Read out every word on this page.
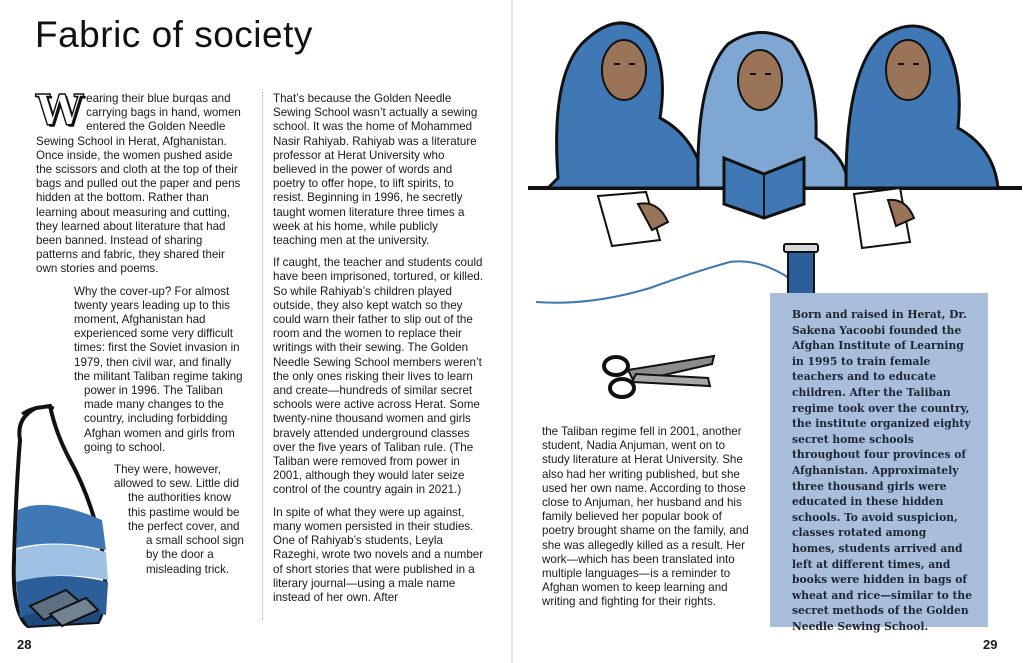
Fabric of society

Wearing their blue burqas and carrying bags in hand, women entered the Golden Needle Sewing School in Herat, Afghanistan. Once inside, the women pushed aside the scissors and cloth at the top of their bags and pulled out the paper and pens hidden at the bottom. Rather than learning about measuring and cutting, they learned about literature that had been banned. Instead of sharing patterns and fabric, they shared their own stories and poems.

Why the cover-up? For almost twenty years leading up to this moment, Afghanistan had experienced some very difficult times: first the Soviet invasion in 1979, then civil war, and finally the militant Taliban regime taking power in 1996. The Taliban made many changes to the country, including forbidding Afghan women and girls from going to school.

They were, however, allowed to sew. Little did the authorities know this pastime would be the perfect cover, and a small school sign by the door a misleading trick.

That’s because the Golden Needle Sewing School wasn’t actually a sewing school. It was the home of Mohammed Nasir Rahiyab. Rahiyab was a literature professor at Herat University who believed in the power of words and poetry to offer hope, to lift spirits, to resist. Beginning in 1996, he secretly taught women literature three times a week at his home, while publicly teaching men at the university.

If caught, the teacher and students could have been imprisoned, tortured, or killed. So while Rahiyab’s children played outside, they also kept watch so they could warn their father to slip out of the room and the women to replace their writings with their sewing. The Golden Needle Sewing School members weren’t the only ones risking their lives to learn and create—hundreds of similar secret schools were active across Herat. Some twenty-nine thousand women and girls bravely attended underground classes over the five years of Taliban rule. (The Taliban were removed from power in 2001, although they would later seize control of the country again in 2021.)

In spite of what they were up against, many women persisted in their studies. One of Rahiyab’s students, Leyla Razeghi, wrote two novels and a number of short stories that were published in a literary journal—using a male name instead of her own. After

the Taliban regime fell in 2001, another student, Nadia Anjuman, went on to study literature at Herat University. She also had her writing published, but she used her own name. According to those close to Anjuman, her husband and his family believed her popular book of poetry brought shame on the family, and she was allegedly killed as a result. Her work—which has been translated into multiple languages—is a reminder to Afghan women to keep learning and writing and fighting for their rights.

Born and raised in Herat, Dr. Sakena Yacoobi founded the Afghan Institute of Learning in 1995 to train female teachers and to educate children. After the Taliban regime took over the country, the institute organized eighty secret home schools throughout four provinces of Afghanistan. Approximately three thousand girls were educated in these hidden schools. To avoid suspicion, classes rotated among homes, students arrived and left at different times, and books were hidden in bags of wheat and rice—similar to the secret methods of the Golden Needle Sewing School.
28	29
